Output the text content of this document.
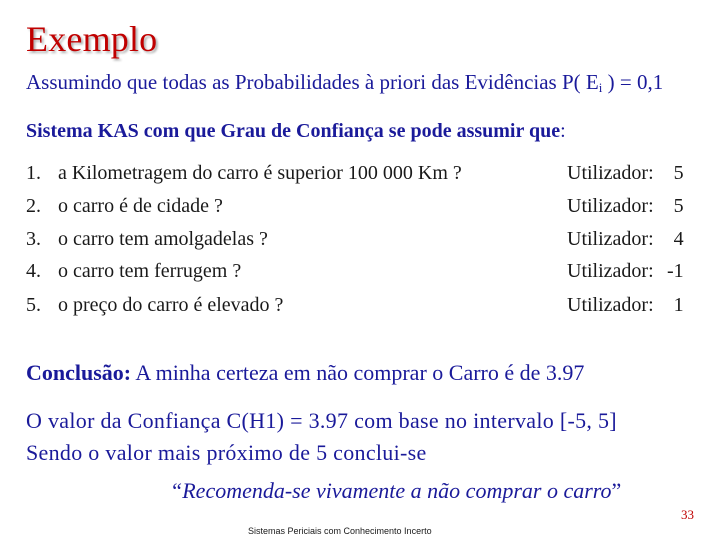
Exemplo
Assumindo que todas as Probabilidades à priori das Evidências P( $E_i$ ) = 0,1
Sistema KAS com que Grau de Confiança se pode assumir que:
1. a Kilometragem do carro é superior 100 000 Km ?
2. o carro é de cidade ?
3. o carro tem amolgadelas ?
4. o carro tem ferrugem ?
5. o preço do carro é elevado ?
Utilizador: 5
Utilizador: 5
Utilizador: 4
Utilizador: -1
Utilizador: 1
Conclusão: A minha certeza em não comprar o Carro é de 3.97
O valor da Confiança C(H1) = 3.97 com base no intervalo [-5, 5]
Sendo o valor mais próximo de 5 conclui-se
“Recomenda-se vivamente a não comprar o carro”
33
Sistemas Periciais com Conhecimento Incerto
